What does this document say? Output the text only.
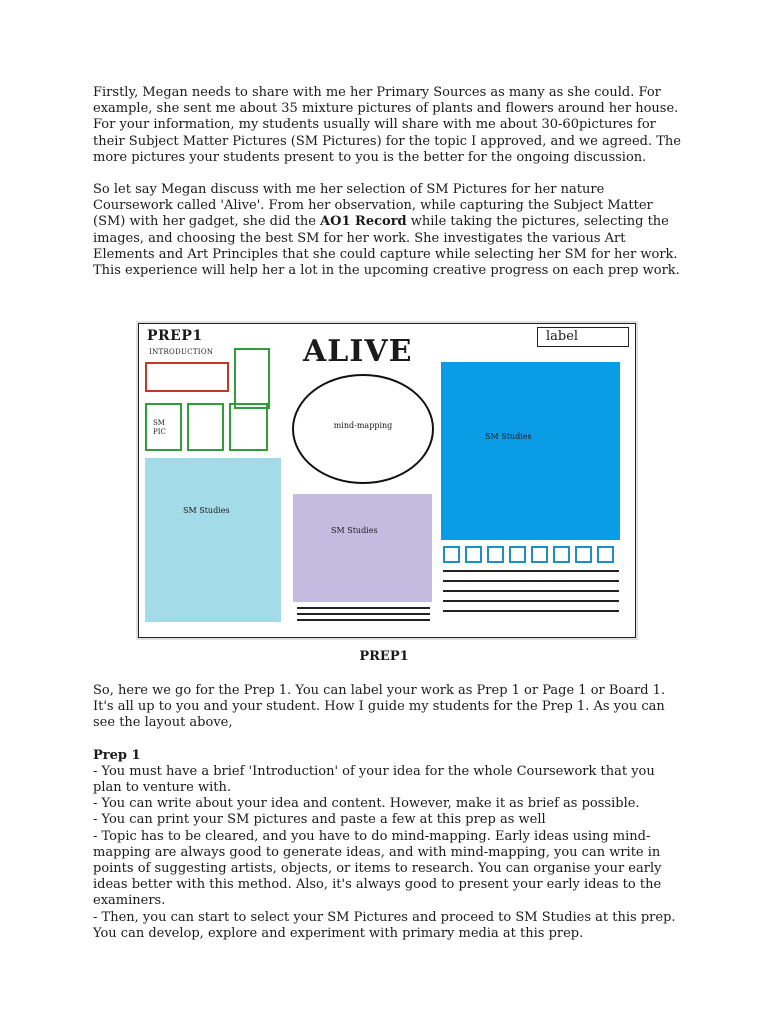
Firstly, Megan needs to share with me her Primary Sources as many as she could. For example, she sent me about 35 mixture pictures of plants and flowers around her house. For your information, my students usually will share with me about 30-60pictures for their Subject Matter Pictures (SM Pictures) for the topic I approved, and we agreed. The more pictures your students present to you is the better for the ongoing discussion.

So let say Megan discuss with me her selection of SM Pictures for her nature Coursework called 'Alive'. From her observation, while capturing the Subject Matter (SM) with her gadget, she did the AO1 Record while taking the pictures, selecting the images, and choosing the best SM for her work. She investigates the various Art Elements and Art Principles that she could capture while selecting her SM for her work. This experience will help her a lot in the upcoming creative progress on each prep work.

PREP1
INTRODUCTION	ALIVE	label
SM PIC
SM Studies
mind-mapping
SM Studies
SM Studies
PREP1

So, here we go for the Prep 1. You can label your work as Prep 1 or Page 1 or Board 1. It's all up to you and your student. How I guide my students for the Prep 1. As you can see the layout above,

Prep 1
- You must have a brief 'Introduction' of your idea for the whole Coursework that you plan to venture with.
- You can write about your idea and content. However, make it as brief as possible.
- You can print your SM pictures and paste a few at this prep as well
- Topic has to be cleared, and you have to do mind-mapping. Early ideas using mind-mapping are always good to generate ideas, and with mind-mapping, you can write in points of suggesting artists, objects, or items to research. You can organise your early ideas better with this method. Also, it's always good to present your early ideas to the examiners.
- Then, you can start to select your SM Pictures and proceed to SM Studies at this prep. You can develop, explore and experiment with primary media at this prep.
